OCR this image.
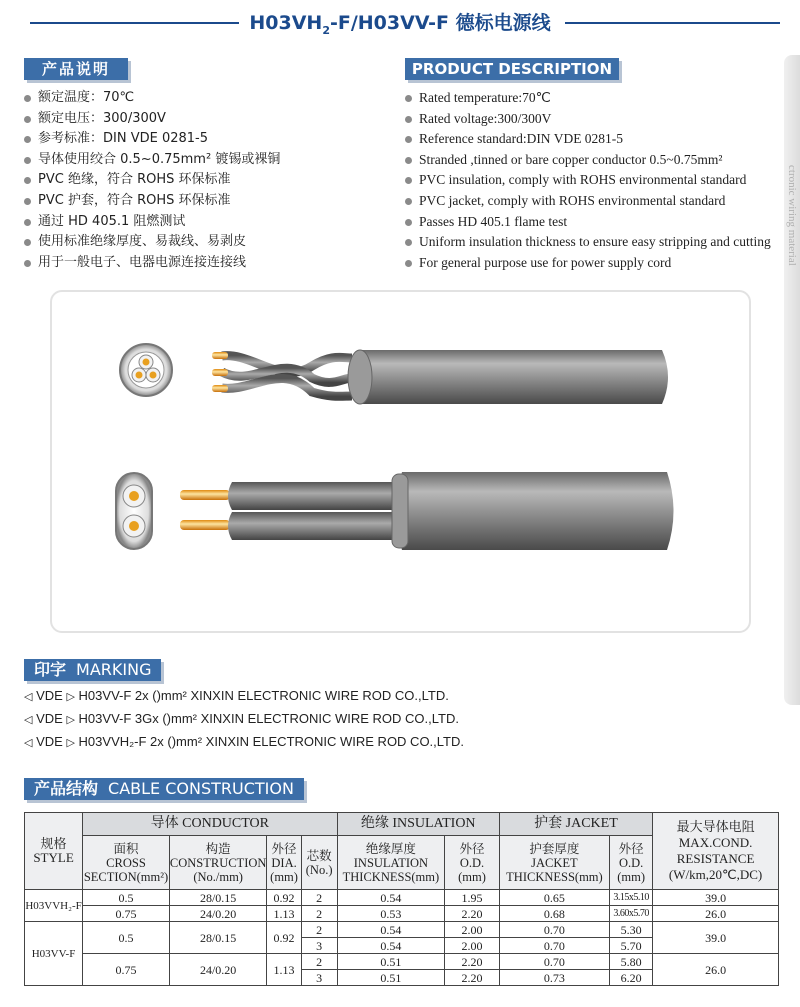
$H03VH_2-F/H03VV-F$ 德标电源线
产品说明	PRODUCT DESCRIPTION
额定温度：70℃
额定电压：300/300V
参考标准：DIN VDE 0281-5
导体使用绞合 0.5~0.75mm² 镀锡或裸铜
PVC 绝缘，符合 ROHS 环保标准
PVC 护套，符合 ROHS 环保标准
通过 HD 405.1 阻燃测试
使用标准绝缘厚度、易裁线、易剥皮
用于一般电子、电器电源连接连接线
Rated temperature:70℃
Rated voltage:300/300V
Reference standard:DIN VDE 0281-5
Stranded ,tinned or bare copper conductor 0.5~0.75mm²
PVC insulation, comply with ROHS environmental standard
PVC jacket, comply with ROHS environmental standard
Passes HD 405.1 flame test
Uniform insulation thickness to ensure easy stripping and cutting
For general purpose use for power supply cord	ctronic wiring material
印字 MARKING
◁ VDE ▷ H03VV-F 2x ()mm² XINXIN ELECTRONIC WIRE ROD CO.,LTD.
◁ VDE ▷ H03VV-F 3Gx ()mm² XINXIN ELECTRONIC WIRE ROD CO.,LTD.
◁ VDE ▷ H03VVH₂-F 2x ()mm² XINXIN ELECTRONIC WIRE ROD CO.,LTD.
产品结构 CABLE CONSTRUCTION
规格
STYLE	导体 CONDUCTOR				绝缘 INSULATION		护套 JACKET		最大导体电阻
MAX.COND.
RESISTANCE
(W/km,20℃,DC)
	面积
CROSS
SECTION(mm²)	构造
CONSTRUCTION
(No./mm)	外径
DIA.
(mm)	芯数
(No.)	绝缘厚度
INSULATION
THICKNESS(mm)	外径
O.D.
(mm)	护套厚度
JACKET
THICKNESS(mm)	外径
O.D.
(mm)	
H03VVH₂-F	0.5	28/0.15	0.92	2	0.54	1.95	0.65	3.15x5.10	39.0
	0.75	24/0.20	1.13	2	0.53	2.20	0.68	3.60x5.70	26.0
H03VV-F	0.5	28/0.15	0.92	2	0.54	2.00	0.70	5.30	39.0
				3	0.54	2.00	0.70	5.70	
	0.75	24/0.20	1.13	2	0.51	2.20	0.70	5.80	26.0
				3	0.51	2.20	0.73	6.20	
